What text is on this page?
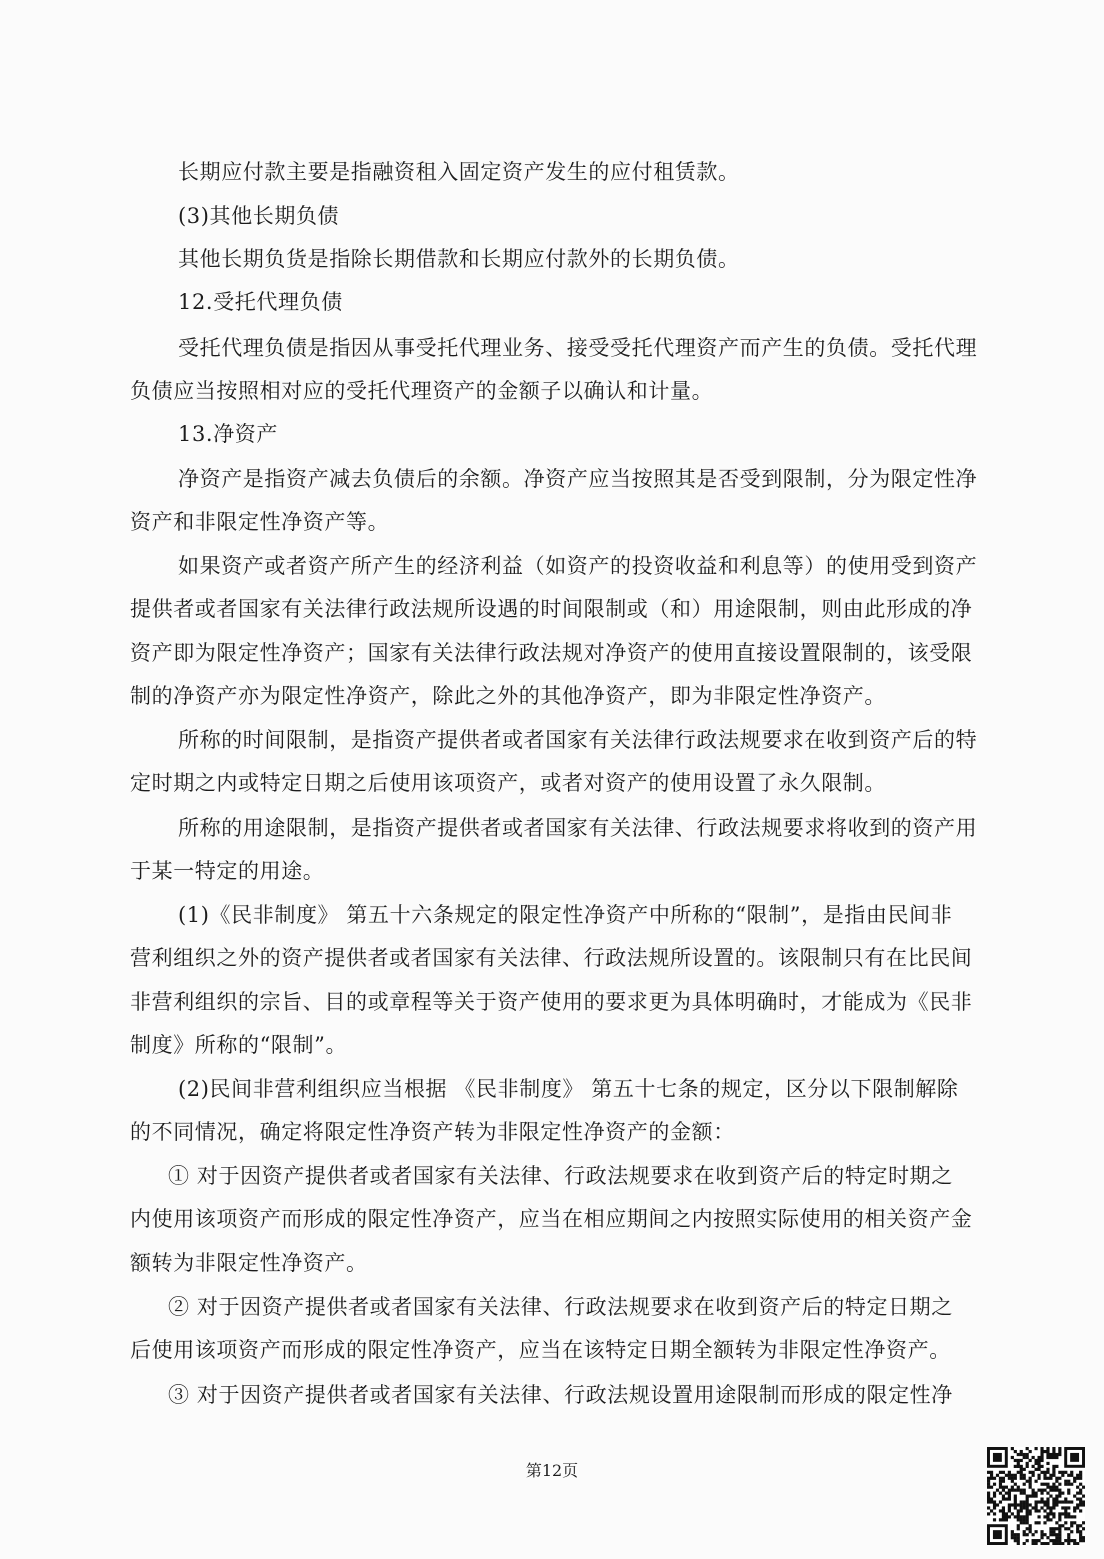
长期应付款主要是指融资租入固定资产发生的应付租赁款。
(3)其他长期负债
其他长期负货是指除长期借款和长期应付款外的长期负债。
12.受托代理负债
受托代理负债是指因从事受托代理业务、接受受托代理资产而产生的负债。受托代理
负债应当按照相对应的受托代理资产的金额子以确认和计量。
13.净资产
净资产是指资产减去负债后的余额。净资产应当按照其是否受到限制，分为限定性净
资产和非限定性净资产等。
如果资产或者资产所产生的经济利益（如资产的投资收益和利息等）的使用受到资产
提供者或者国家有关法律行政法规所设遇的时间限制或（和）用途限制，则由此形成的净
资产即为限定性净资产；国家有关法律行政法规对净资产的使用直接设置限制的，该受限
制的净资产亦为限定性净资产，除此之外的其他净资产，即为非限定性净资产。
所称的时间限制，是指资产提供者或者国家有关法律行政法规要求在收到资产后的特
定时期之内或特定日期之后使用该项资产，或者对资产的使用设置了永久限制。
所称的用途限制，是指资产提供者或者国家有关法律、行政法规要求将收到的资产用
于某一特定的用途。
(1)《民非制度》 第五十六条规定的限定性净资产中所称的“限制”，是指由民间非
营利组织之外的资产提供者或者国家有关法律、行政法规所设置的。该限制只有在比民间
非营利组织的宗旨、目的或章程等关于资产使用的要求更为具体明确时，才能成为《民非
制度》所称的“限制”。
(2)民间非营利组织应当根据 《民非制度》 第五十七条的规定，区分以下限制解除
的不同情况，确定将限定性净资产转为非限定性净资产的金额：
① 对于因资产提供者或者国家有关法律、行政法规要求在收到资产后的特定时期之
内使用该项资产而形成的限定性净资产，应当在相应期间之内按照实际使用的相关资产金
额转为非限定性净资产。
② 对于因资产提供者或者国家有关法律、行政法规要求在收到资产后的特定日期之
后使用该项资产而形成的限定性净资产，应当在该特定日期全额转为非限定性净资产。
③ 对于因资产提供者或者国家有关法律、行政法规设置用途限制而形成的限定性净
第12页
